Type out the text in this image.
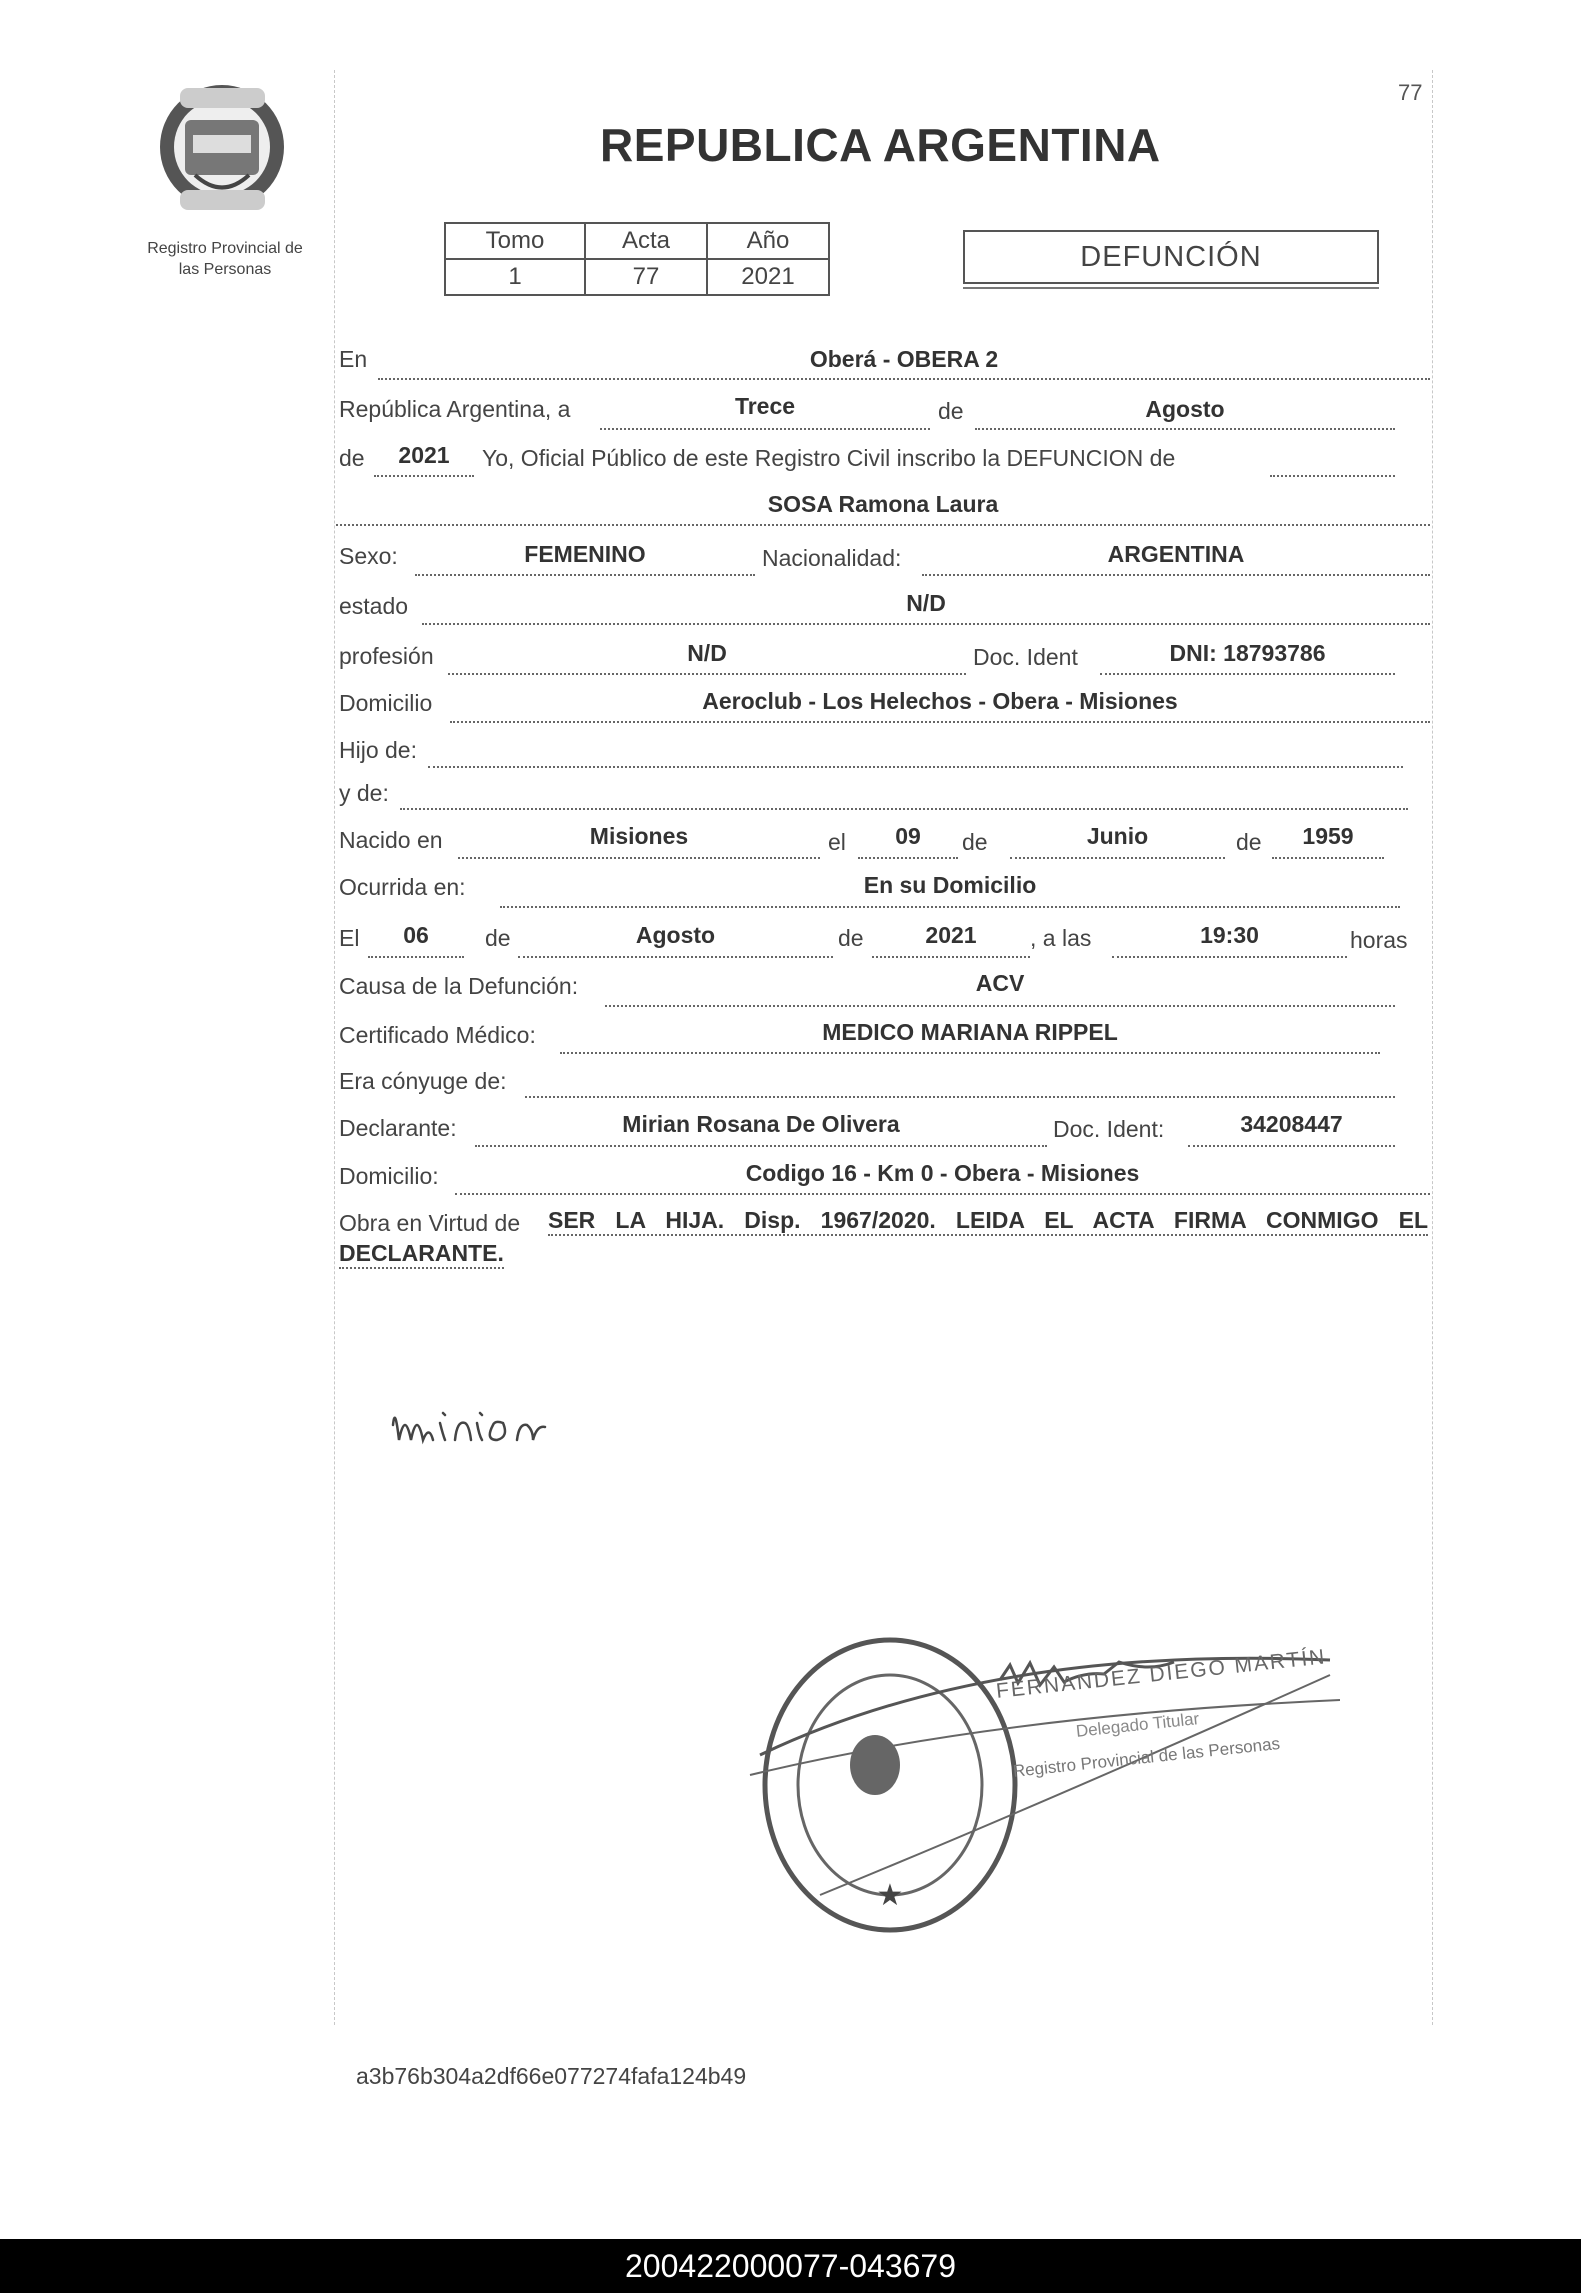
77
Registro Provincial de
las Personas
REPUBLICA ARGENTINA
Tomo	Acta	Año
1	77	2021
DEFUNCIÓN
En	Oberá - OBERA 2
República Argentina, a	Trece	de	Agosto
de	2021	Yo, Oficial Público de este Registro Civil inscribo la DEFUNCION de
SOSA Ramona Laura
Sexo:	FEMENINO	Nacionalidad:	ARGENTINA
estado	N/D
profesión	N/D	Doc. Ident	DNI: 18793786
Domicilio	Aeroclub - Los Helechos - Obera - Misiones
Hijo de:
y de:
Nacido en	Misiones	el	09	de	Junio	de	1959
Ocurrida en:	En su Domicilio
El	06	de	Agosto	de	2021	, a las	19:30	horas
Causa de la Defunción:	ACV
Certificado Médico:	MEDICO MARIANA RIPPEL
Era cónyuge de:
Declarante:	Mirian Rosana De Olivera	Doc. Ident:	34208447
Domicilio:	Codigo 16 - Km 0 - Obera - Misiones
Obra en Virtud de SER LA HIJA. Disp. 1967/2020. LEIDA EL ACTA FIRMA CONMIGO EL
DECLARANTE.
★
FERNANDEZ DIEGO MARTÍN
Delegado Titular
Registro Provincial de las Personas
a3b76b304a2df66e077274fafa124b49
200422000077-043679
